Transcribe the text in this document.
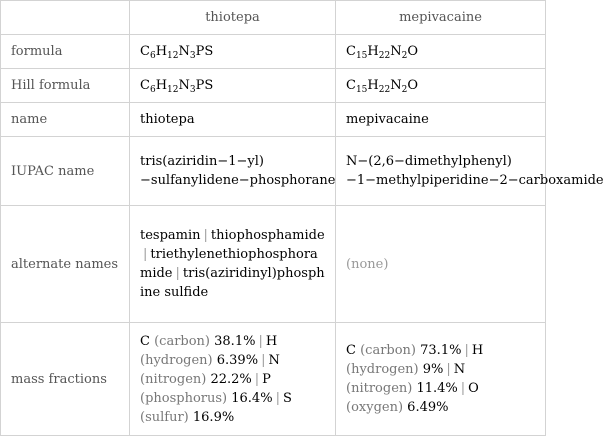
	thiotepa	mepivacaine
formula	$C_6H_{12}N_3PS$	$C_{15}H_{22}N_2O$
Hill formula	$C_6H_{12}N_3PS$	$C_{15}H_{22}N_2O$
name	thiotepa	mepivacaine
IUPAC name	tris(aziridin−1−yl)−sulfanylidene−phosphorane	N−(2,6−dimethylphenyl)−1−methylpiperidine−2−carboxamide
alternate names	tespamin | thiophosphamide| triethylenethiophosphoramide | tris(aziridinyl)phosphine sulfide	(none)
mass fractions	C (carbon) 38.1% | H (hydrogen) 6.39% | N (nitrogen) 22.2% | P (phosphorus) 16.4% | S (sulfur) 16.9%	C (carbon) 73.1% | H (hydrogen) 9% | N (nitrogen) 11.4% | O (oxygen) 6.49%
